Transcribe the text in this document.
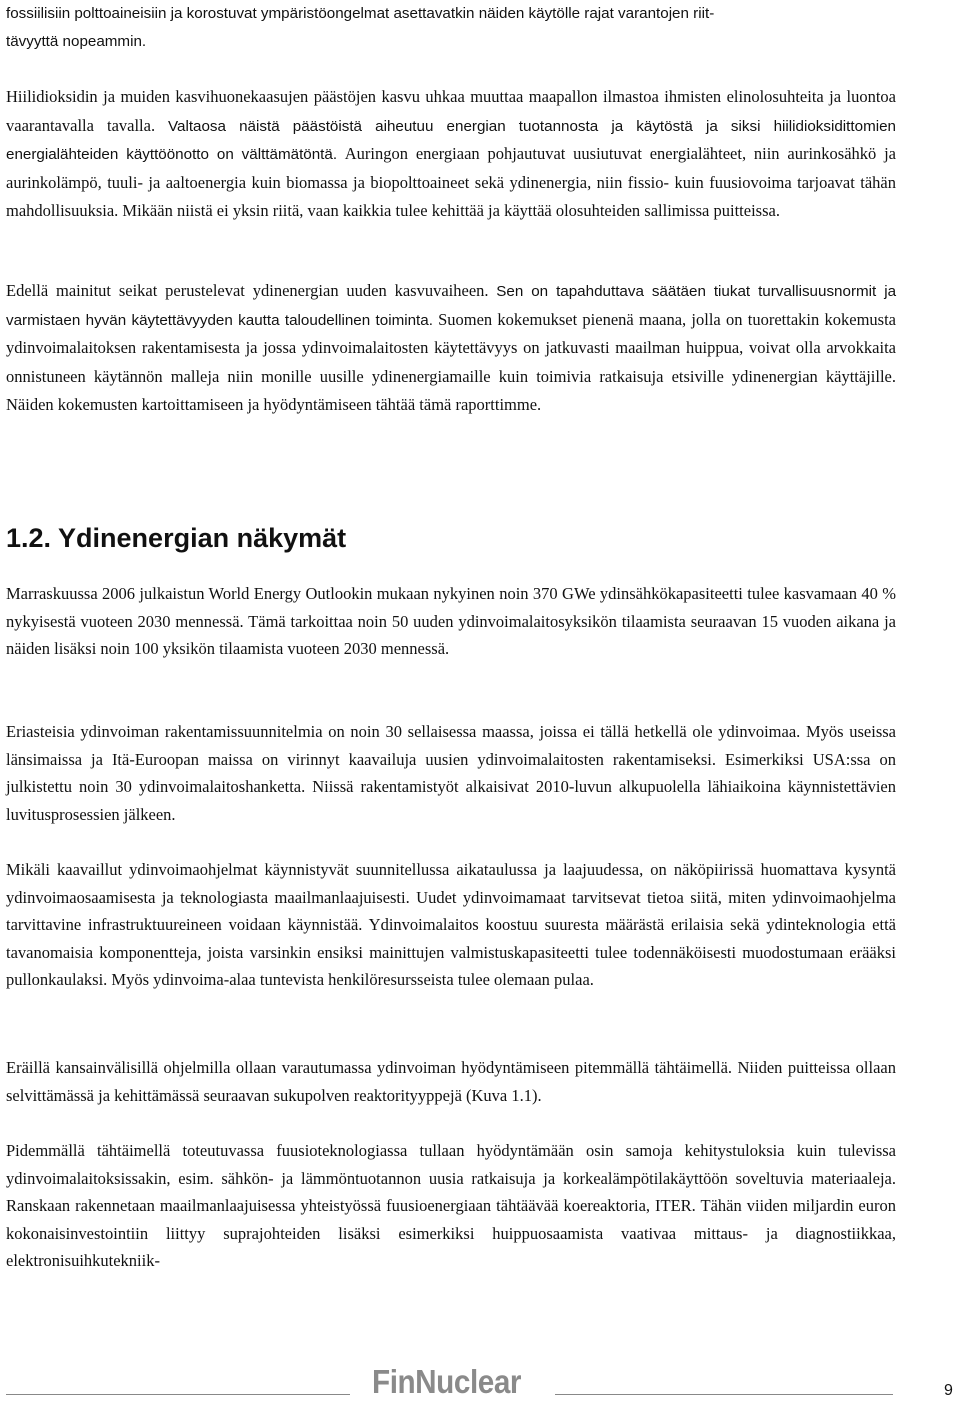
fossiilisiin polttoaineisiin ja korostuvat ympäristöongelmat asettavatkin näiden käytölle rajat varantojen riit-
tävyyttä nopeammin.

Hiilidioksidin ja muiden kasvihuonekaasujen päästöjen kasvu uhkaa muuttaa maapallon ilmastoa ihmisten elinolosuhteita ja luontoa vaarantavalla tavalla. Valtaosa näistä päästöistä aiheutuu energian tuotannosta ja käytöstä ja siksi hiilidioksidittomien energialähteiden käyttöönotto on välttämätöntä. Auringon energiaan pohjautuvat uusiutuvat energialähteet, niin aurinkosähkö ja aurinkolämpö, tuuli- ja aaltoenergia kuin biomassa ja biopolttoaineet sekä ydinenergia, niin fissio- kuin fuusiovoima tarjoavat tähän mahdollisuuksia. Mikään niistä ei yksin riitä, vaan kaikkia tulee kehittää ja käyttää olosuhteiden sallimissa puitteissa.

Edellä mainitut seikat perustelevat ydinenergian uuden kasvuvaiheen. Sen on tapahduttava säätäen tiukat turvallisuusnormit ja varmistaen hyvän käytettävyyden kautta taloudellinen toiminta. Suomen kokemukset pienenä maana, jolla on tuorettakin kokemusta ydinvoimalaitoksen rakentamisesta ja jossa ydinvoimalaitosten käytettävyys on jatkuvasti maailman huippua, voivat olla arvokkaita onnistuneen käytännön malleja niin monille uusille ydinenergiamaille kuin toimivia ratkaisuja etsiville ydinenergian käyttäjille. Näiden kokemusten kartoittamiseen ja hyödyntämiseen tähtää tämä raporttimme.

1.2. Ydinenergian näkymät

Marraskuussa 2006 julkaistun World Energy Outlookin mukaan nykyinen noin 370 GWe ydinsähkökapasiteetti tulee kasvamaan 40 % nykyisestä vuoteen 2030 mennessä. Tämä tarkoittaa noin 50 uuden ydinvoimalaitosyksikön tilaamista seuraavan 15 vuoden aikana ja näiden lisäksi noin 100 yksikön tilaamista vuoteen 2030 mennessä.

Eriasteisia ydinvoiman rakentamissuunnitelmia on noin 30 sellaisessa maassa, joissa ei tällä hetkellä ole ydinvoimaa. Myös useissa länsimaissa ja Itä-Euroopan maissa on virinnyt kaavailuja uusien ydinvoimalaitosten rakentamiseksi. Esimerkiksi USA:ssa on julkistettu noin 30 ydinvoimalaitoshanketta. Niissä rakentamistyöt alkaisivat 2010-luvun alkupuolella lähiaikoina käynnistettävien luvitusprosessien jälkeen.

Mikäli kaavaillut ydinvoimaohjelmat käynnistyvät suunnitellussa aikataulussa ja laajuudessa, on näköpiirissä huomattava kysyntä ydinvoimaosaamisesta ja teknologiasta maailmanlaajuisesti. Uudet ydinvoimamaat tarvitsevat tietoa siitä, miten ydinvoimaohjelma tarvittavine infrastruktuureineen voidaan käynnistää. Ydinvoimalaitos koostuu suuresta määrästä erilaisia sekä ydinteknologia että tavanomaisia komponentteja, joista varsinkin ensiksi mainittujen valmistuskapasiteetti tulee todennäköisesti muodostumaan erääksi pullonkaulaksi. Myös ydinvoima-alaa tuntevista henkilöresursseista tulee olemaan pulaa.

Eräillä kansainvälisillä ohjelmilla ollaan varautumassa ydinvoiman hyödyntämiseen pitemmällä tähtäimellä. Niiden puitteissa ollaan selvittämässä ja kehittämässä seuraavan sukupolven reaktorityyppejä (Kuva 1.1).

Pidemmällä tähtäimellä toteutuvassa fuusioteknologiassa tullaan hyödyntämään osin samoja kehitystuloksia kuin tulevissa ydinvoimalaitoksissakin, esim. sähkön- ja lämmöntuotannon uusia ratkaisuja ja korkealämpötilakäyttöön soveltuvia materiaaleja. Ranskaan rakennetaan maailmanlaajuisessa yhteistyössä fuusioenergiaan tähtäävää koereaktoria, ITER. Tähän viiden miljardin euron kokonaisinvestointiin liittyy suprajohteiden lisäksi esimerkiksi huippuosaamista vaativaa mittaus- ja diagnostiikkaa, elektronisuihkutekniik-

FinNuclear	9
